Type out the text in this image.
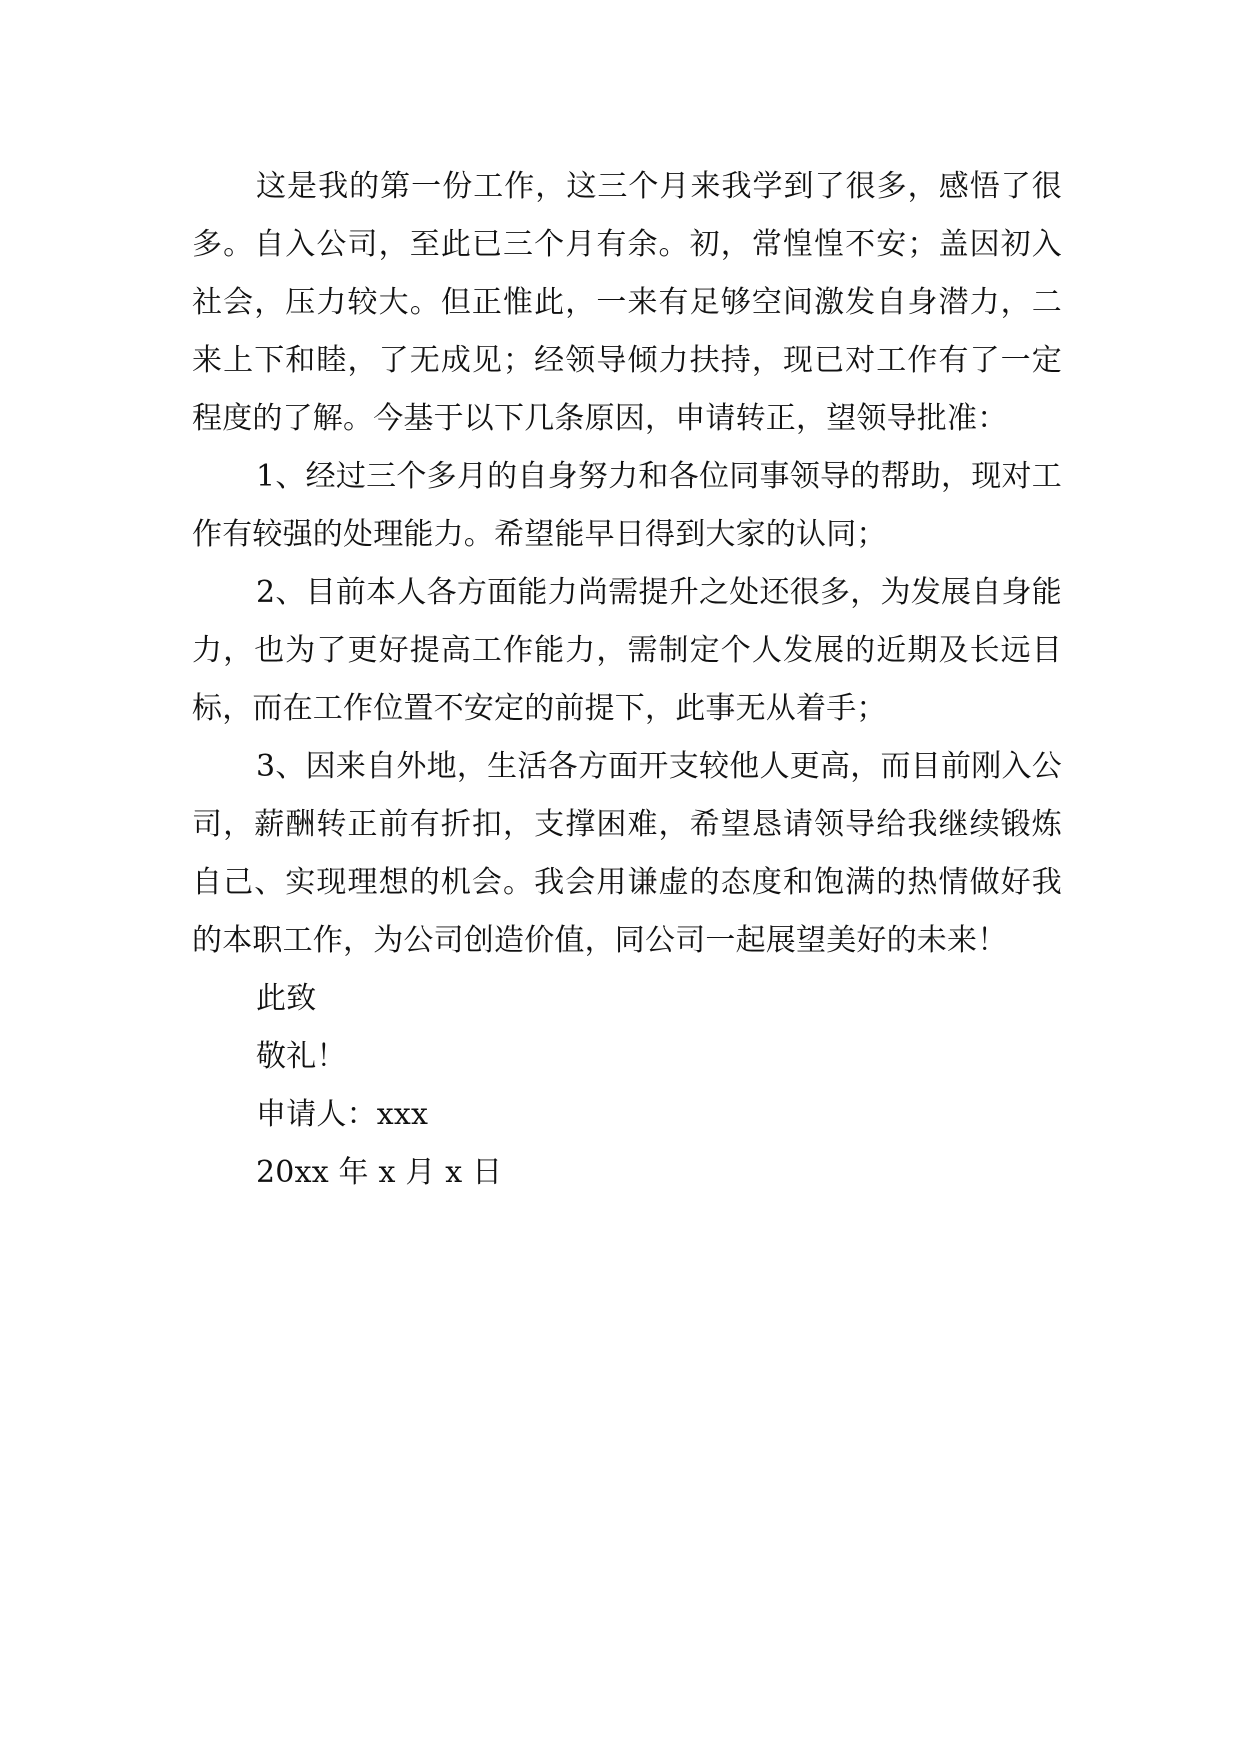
这是我的第一份工作，这三个月来我学到了很多，感悟了很多。自入公司，至此已三个月有余。初，常惶惶不安；盖因初入社会，压力较大。但正惟此，一来有足够空间激发自身潜力，二来上下和睦，了无成见；经领导倾力扶持，现已对工作有了一定程度的了解。今基于以下几条原因，申请转正，望领导批准：

1、经过三个多月的自身努力和各位同事领导的帮助，现对工作有较强的处理能力。希望能早日得到大家的认同；

2、目前本人各方面能力尚需提升之处还很多，为发展自身能力，也为了更好提高工作能力，需制定个人发展的近期及长远目标，而在工作位置不安定的前提下，此事无从着手；

3、因来自外地，生活各方面开支较他人更高，而目前刚入公司，薪酬转正前有折扣，支撑困难，希望恳请领导给我继续锻炼自己、实现理想的机会。我会用谦虚的态度和饱满的热情做好我的本职工作，为公司创造价值，同公司一起展望美好的未来！

此致

敬礼！

申请人：xxx

20xx 年 x 月 x 日
